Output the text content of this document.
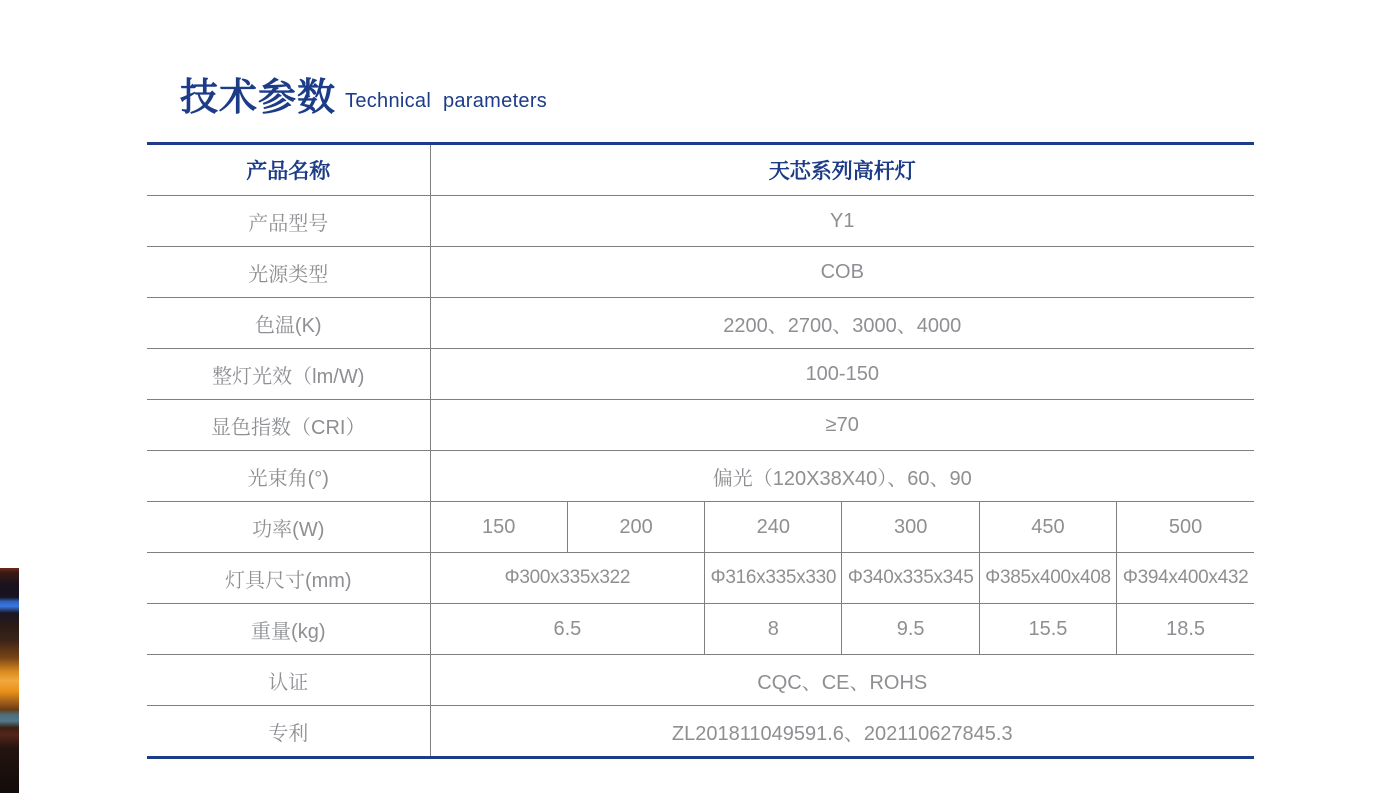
技术参数 Technical parameters
产品名称	天芯系列高杆灯					
产品型号	Y1					
光源类型	COB					
色温(K)	2200、2700、3000、4000					
整灯光效（lm/W)	100-150					
显色指数（CRI）	≥70					
光束角(°)	偏光（120X38X40）、60、90					
功率(W)	150	200	240	300	450	500
灯具尺寸(mm)	Φ300x335x322		Φ316x335x330	Φ340x335x345	Φ385x400x408	Φ394x400x432
重量(kg)	6.5		8	9.5	15.5	18.5
认证	CQC、CE、ROHS					
专利	ZL201811049591.6、202110627845.3					
